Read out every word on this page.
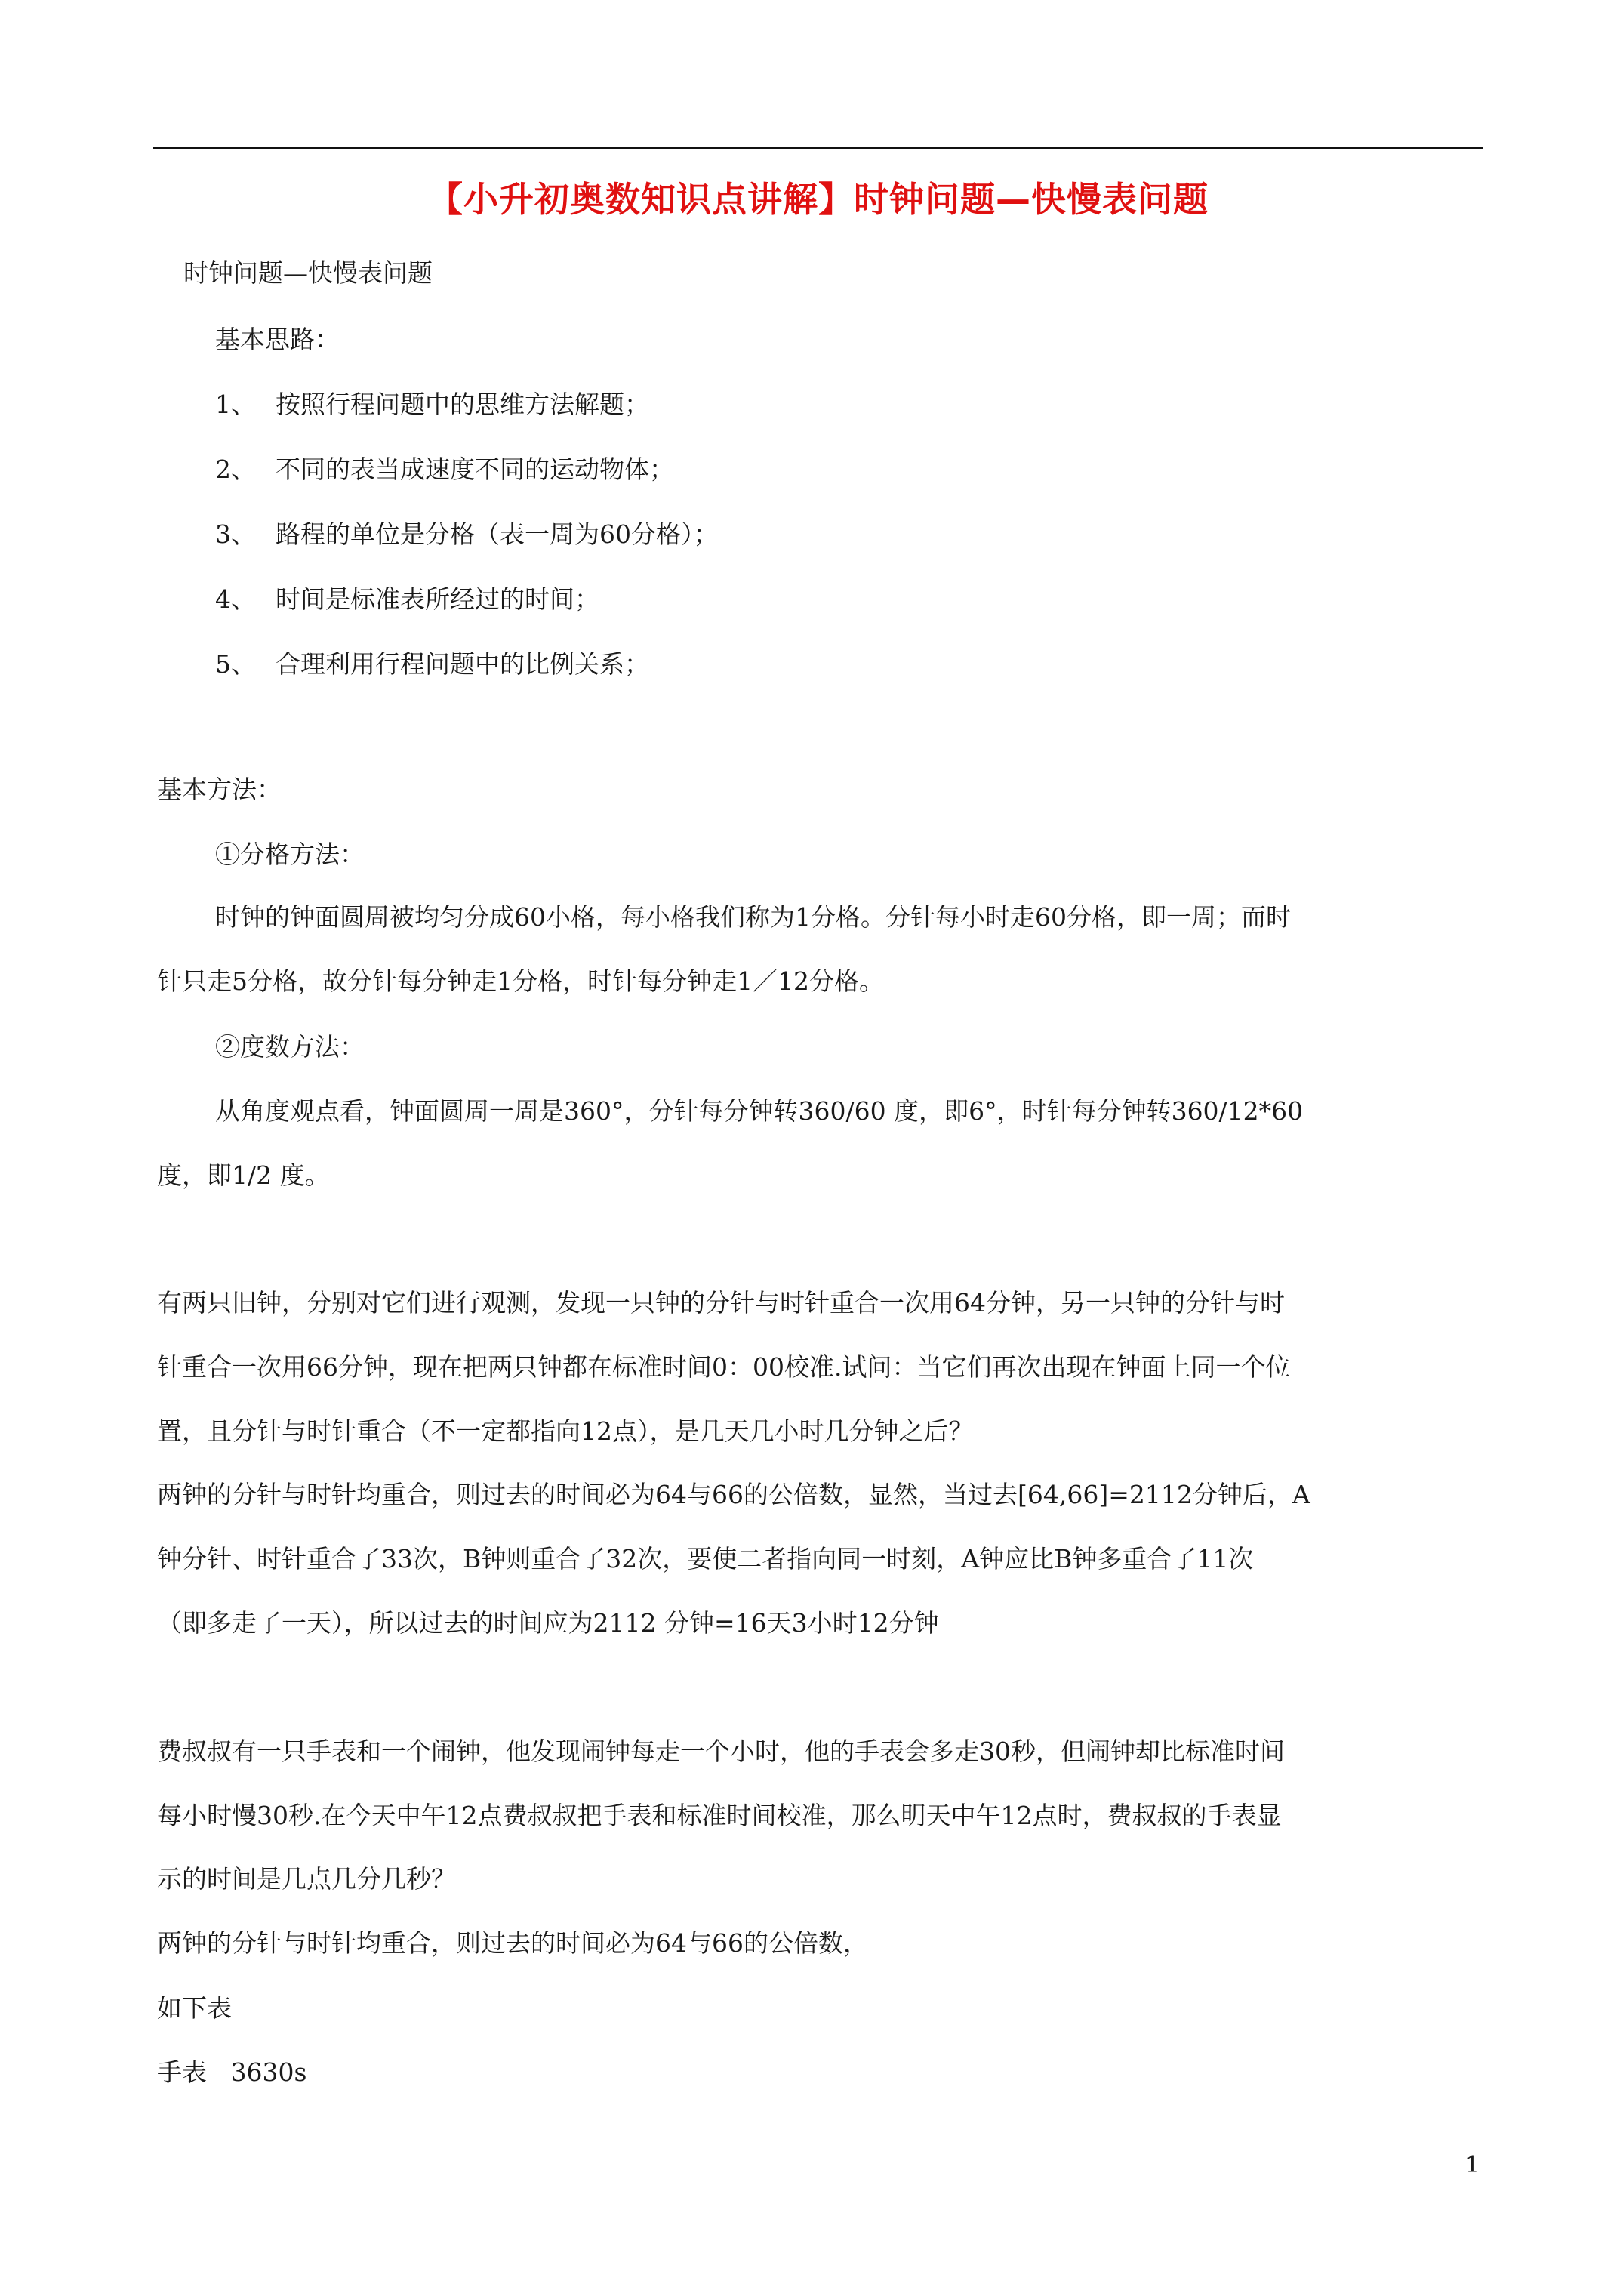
【小升初奥数知识点讲解】时钟问题—快慢表问题
时钟问题—快慢表问题
基本思路：
1、 按照行程问题中的思维方法解题；
2、 不同的表当成速度不同的运动物体；
3、 路程的单位是分格（表一周为60分格）；
4、 时间是标准表所经过的时间；
5、 合理利用行程问题中的比例关系；
基本方法：
①分格方法：
时钟的钟面圆周被均匀分成60小格，每小格我们称为1分格。分针每小时走60分格，即一周；而时
针只走5分格，故分针每分钟走1分格，时针每分钟走1／12分格。
②度数方法：
从角度观点看，钟面圆周一周是360°，分针每分钟转360/60 度，即6°，时针每分钟转360/12*60
度，即1/2 度。
有两只旧钟，分别对它们进行观测，发现一只钟的分针与时针重合一次用64分钟，另一只钟的分针与时
针重合一次用66分钟，现在把两只钟都在标准时间0：00校准.试问：当它们再次出现在钟面上同一个位
置，且分针与时针重合（不一定都指向12点），是几天几小时几分钟之后？
两钟的分针与时针均重合，则过去的时间必为64与66的公倍数，显然，当过去[64,66]=2112分钟后，A
钟分针、时针重合了33次，B钟则重合了32次，要使二者指向同一时刻，A钟应比B钟多重合了11次
（即多走了一天），所以过去的时间应为2112 分钟=16天3小时12分钟
费叔叔有一只手表和一个闹钟，他发现闹钟每走一个小时，他的手表会多走30秒，但闹钟却比标准时间
每小时慢30秒.在今天中午12点费叔叔把手表和标准时间校准，那么明天中午12点时，费叔叔的手表显
示的时间是几点几分几秒？
两钟的分针与时针均重合，则过去的时间必为64与66的公倍数，
如下表
手表   3630s
1
